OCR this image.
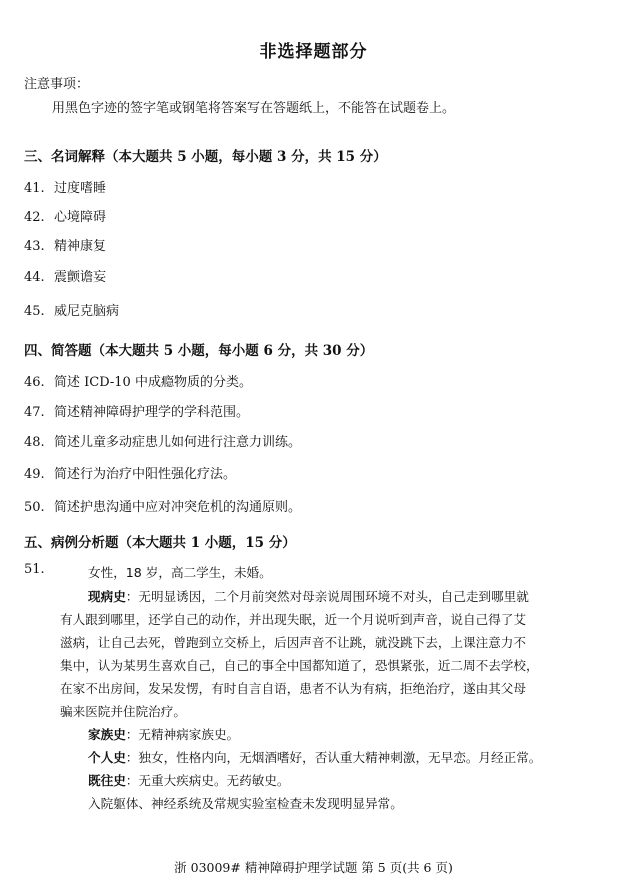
非选择题部分
注意事项：
用黑色字迹的签字笔或钢笔将答案写在答题纸上，不能答在试题卷上。
三、名词解释（本大题共 5 小题，每小题 3 分，共 15 分）
41. 过度嗜睡
42. 心境障碍
43. 精神康复
44. 震颤谵妄
45. 威尼克脑病
四、简答题（本大题共 5 小题，每小题 6 分，共 30 分）
46. 简述 ICD-10 中成瘾物质的分类。
47. 简述精神障碍护理学的学科范围。
48. 简述儿童多动症患儿如何进行注意力训练。
49. 简述行为治疗中阳性强化疗法。
50. 简述护患沟通中应对冲突危机的沟通原则。
五、病例分析题（本大题共 1 小题，15 分）
51.	女性，18 岁，高二学生，未婚。
现病史：无明显诱因，二个月前突然对母亲说周围环境不对头，自己走到哪里就
有人跟到哪里，还学自己的动作，并出现失眠，近一个月说听到声音，说自己得了艾
滋病，让自己去死，曾跑到立交桥上，后因声音不让跳，就没跳下去，上课注意力不
集中，认为某男生喜欢自己，自己的事全中国都知道了，恐惧紧张，近二周不去学校，
在家不出房间，发呆发愣，有时自言自语，患者不认为有病，拒绝治疗，遂由其父母
骗来医院并住院治疗。
家族史：无精神病家族史。
个人史：独女，性格内向，无烟酒嗜好，否认重大精神刺激，无早恋。月经正常。
既往史：无重大疾病史。无药敏史。
入院躯体、神经系统及常规实验室检查未发现明显异常。
浙 03009# 精神障碍护理学试题 第 5 页(共 6 页)
